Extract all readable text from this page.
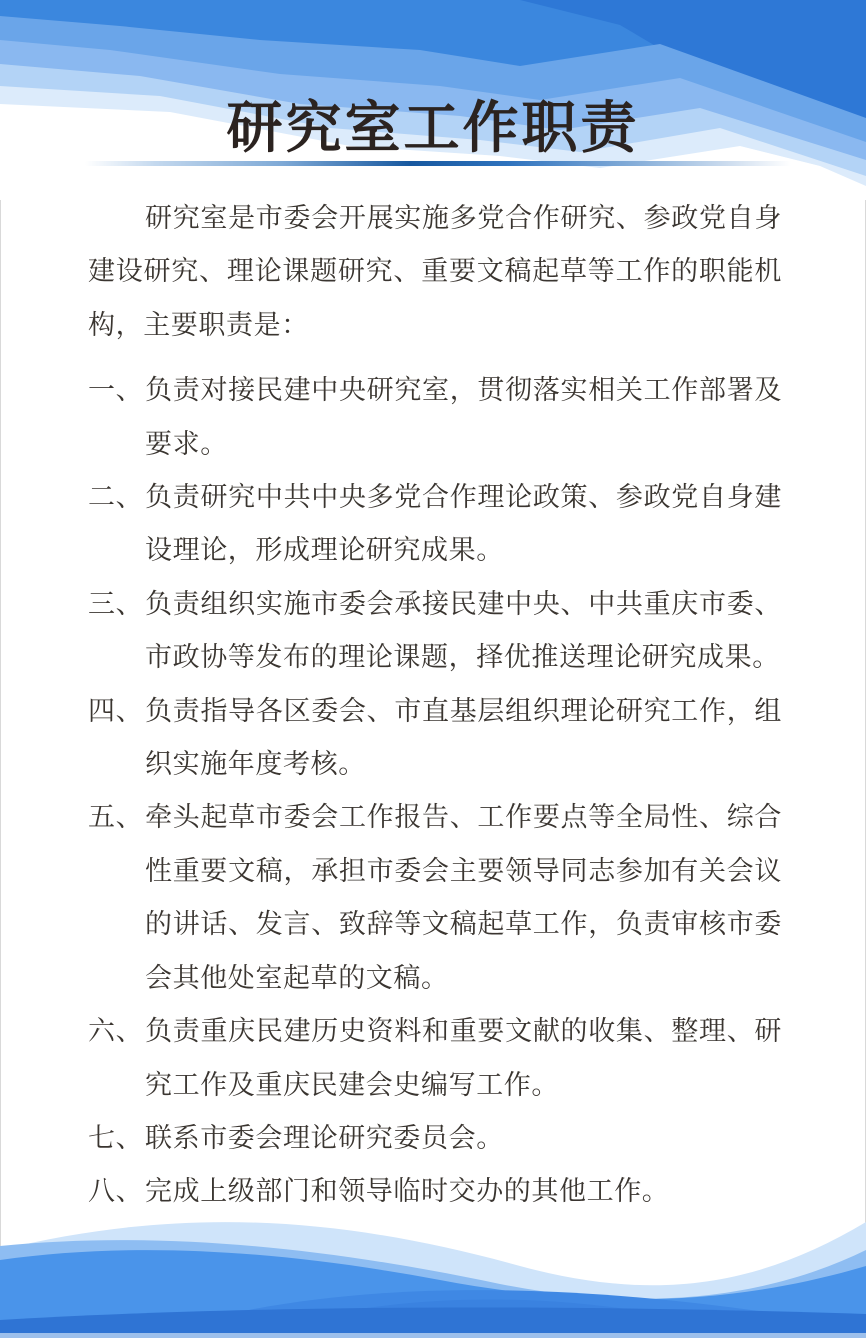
研究室工作职责

研究室是市委会开展实施多党合作研究、参政党自身建设研究、理论课题研究、重要文稿起草等工作的职能机构，主要职责是：

一、负责对接民建中央研究室，贯彻落实相关工作部署及要求。
二、负责研究中共中央多党合作理论政策、参政党自身建设理论，形成理论研究成果。
三、负责组织实施市委会承接民建中央、中共重庆市委、市政协等发布的理论课题，择优推送理论研究成果。
四、负责指导各区委会、市直基层组织理论研究工作，组织实施年度考核。
五、牵头起草市委会工作报告、工作要点等全局性、综合性重要文稿，承担市委会主要领导同志参加有关会议的讲话、发言、致辞等文稿起草工作，负责审核市委会其他处室起草的文稿。
六、负责重庆民建历史资料和重要文献的收集、整理、研究工作及重庆民建会史编写工作。
七、联系市委会理论研究委员会。
八、完成上级部门和领导临时交办的其他工作。
